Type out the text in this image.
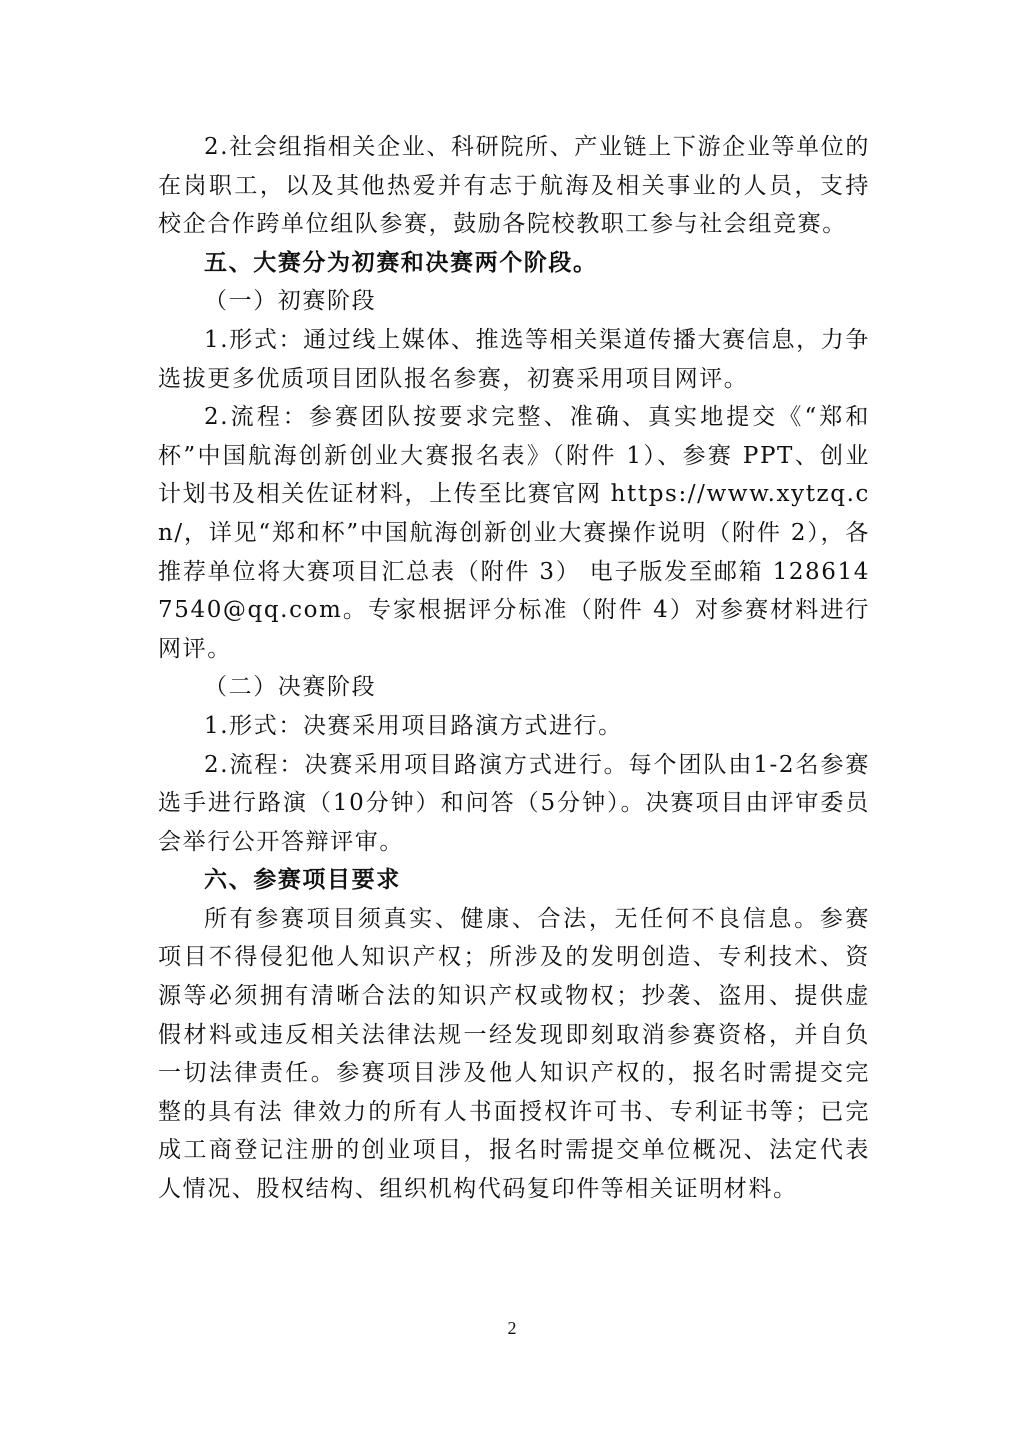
2.社会组指相关企业、科研院所、产业链上下游企业等单位的在岗职工，以及其他热爱并有志于航海及相关事业的人员，支持校企合作跨单位组队参赛，鼓励各院校教职工参与社会组竞赛。

五、大赛分为初赛和决赛两个阶段。

（一）初赛阶段

1.形式：通过线上媒体、推选等相关渠道传播大赛信息，力争选拔更多优质项目团队报名参赛，初赛采用项目网评。

2.流程：参赛团队按要求完整、准确、真实地提交《“郑和杯”中国航海创新创业大赛报名表》（附件 1）、参赛 PPT、创业计划书及相关佐证材料，上传至比赛官网 https://www.xytzq.cn/，详见“郑和杯”中国航海创新创业大赛操作说明（附件 2），各推荐单位将大赛项目汇总表（附件 3） 电子版发至邮箱 1286147540@qq.com。专家根据评分标准（附件 4）对参赛材料进行网评。

（二）决赛阶段

1.形式：决赛采用项目路演方式进行。

2.流程：决赛采用项目路演方式进行。每个团队由1-2名参赛选手进行路演（10分钟）和问答（5分钟）。决赛项目由评审委员会举行公开答辩评审。

六、参赛项目要求

所有参赛项目须真实、健康、合法，无任何不良信息。参赛 项目不得侵犯他人知识产权；所涉及的发明创造、专利技术、资源等必须拥有清晰合法的知识产权或物权；抄袭、盗用、提供虚假材料或违反相关法律法规一经发现即刻取消参赛资格，并自负一切法律责任。参赛项目涉及他人知识产权的，报名时需提交完整的具有法 律效力的所有人书面授权许可书、专利证书等；已完成工商登记注册的创业项目，报名时需提交单位概况、法定代表人情况、股权结构、组织机构代码复印件等相关证明材料。

2
